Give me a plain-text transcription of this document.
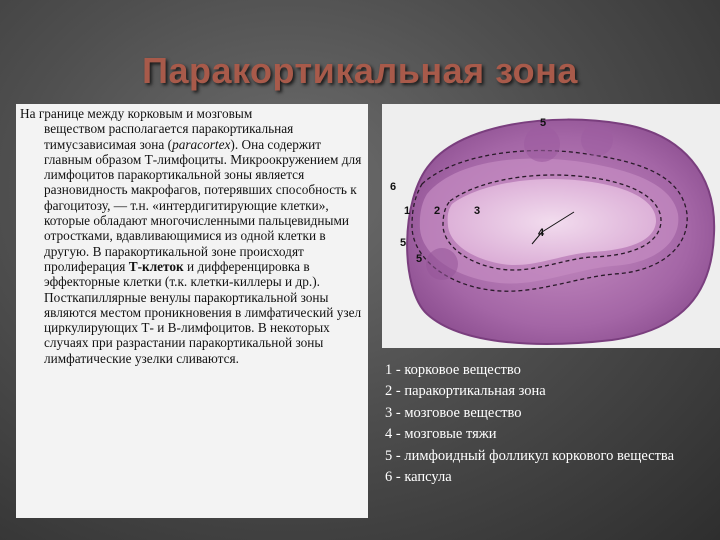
Паракортикальная зона

На границе между корковым и мозговым
веществом располагается паракортикальная тимусзависимая зона (paracortex). Она содержит главным образом Т-лимфоциты. Микроокружением для лимфоцитов паракортикальной зоны является разновидность макрофагов, потерявших способность к фагоцитозу, — т.н. «интердигитирующие клетки», которые обладают многочисленными пальцевидными отростками, вдавливающимися из одной клетки в другую. В паракортикальной зоне происходят пролиферация Т-клеток и дифференцировка в эффекторные клетки (т.к. клетки-киллеры и др.). Посткапиллярные венулы паракортикальной зоны являются местом проникновения в лимфатический узел циркулирующих Т- и В-лимфоцитов. В некоторых случаях при разрастании паракортикальной зоны лимфатические узелки сливаются.

5
6
1 2	3
4
5
5
1 - корковое вещество
2 - паракортикальная зона
3 - мозговое вещество
4 - мозговые тяжи
5 - лимфоидный фолликул коркового вещества
6 - капсула
